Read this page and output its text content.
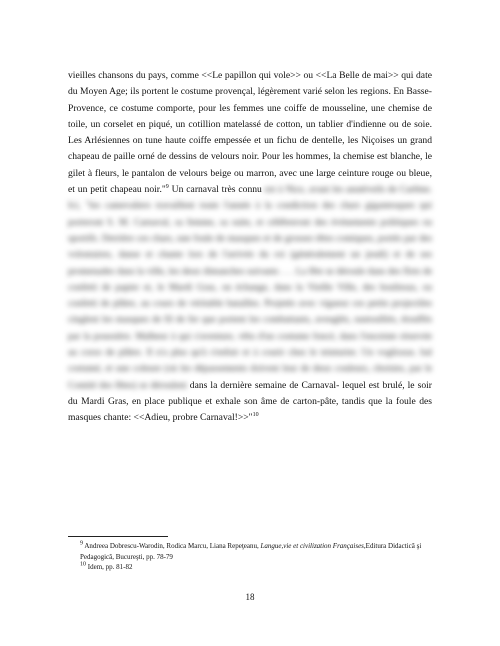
vieilles chansons du pays, comme <<Le papillon qui vole>> ou <<La Belle de mai>> qui date du Moyen Age; ils portent le costume provençal, légèrement varié selon les regions. En Basse-Provence, ce costume comporte, pour les femmes une coiffe de mousseline, une chemise de toile, un corselet en piqué, un cotillion matelassé de cotton, un tablier d'indienne ou de soie. Les Arlésiennes on tune haute coiffe empessée et un fichu de dentelle, les Niçoises un grand chapeau de paille orné de dessins de velours noir. Pour les hommes, la chemise est blanche, le gilet à fleurs, le pantalon de velours beige ou marron, avec une large ceinture rouge ou bleue, et un petit chapeau noir."$^9$ Un carnaval très connu est à Nice, avant les anutéveils de Carême. Ici, "les camevaliers travaillent toute l'année à la condiction des chars gigantesques qui porteront S. M. Carnaval, sa femme, sa suite, et célébreront des événements politiques ou sportifs. Derrière ces chars, une foule de masques et de grosses têtes comiques, portés par des volontaires, danse et chante lors de l'arrivée du roi (généralement un jeudi) et de ses promenades dans la ville, les deux dimanches suivants . . . La fête se déroule dans des flots de confetti de papier et, le Mardi Gras, on échange, dans la Vieille Ville, des bouliesas, ou confetti de plâtre, au cours de véritable batailles. Projetés avec vigueur ces petits projectiles cinglent les masques de fil de fer que portent les combattants, aveuglés, suntoulliés, étouffés par la poussière. Malheur à qui s'aventure, vêtu d'un costume foncé, dans l'enceinte réservée au corso de plâtre. Il n'a plus qu'à s'enfuir et à courir chez le teinturier. Un vogliozas. bal costumé, et une coleure (où les dépassements doivent leur de deux couleurs, choisies, par le Comité des fêtes) se déroulent dans la dernière semaine de Carnaval- lequel est brulé, le soir du Mardi Gras, en place publique et exhale son âme de carton-pâte, tandis que la foule des masques chante: <<Adieu, probre Carnaval!>>"$^{10}$

$^9$ Andreea Dobrescu-Warodin, Rodica Marcu, Liana Repeţeanu, Langue,vie et civilization Françaises,Editura Didactică şi Pedagogică, Bucureşti, pp. 78-79

$^{10}$ Idem, pp. 81-82

18
